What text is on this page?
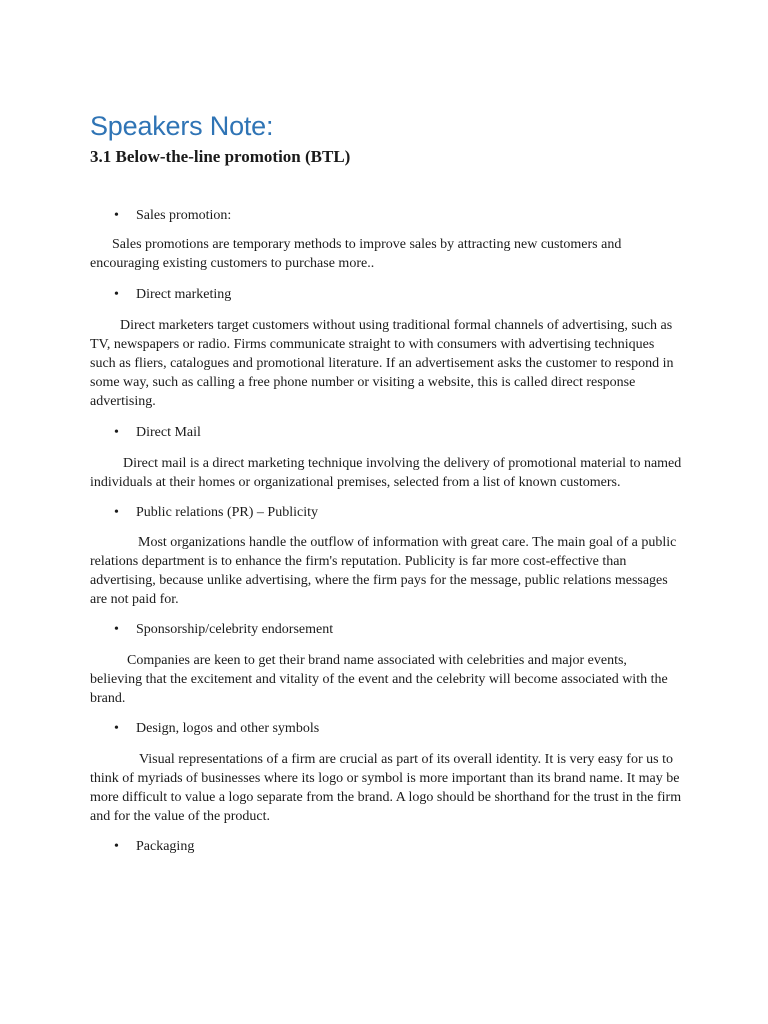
Speakers Note:
3.1 Below-the-line promotion (BTL)
• Sales promotion:

Sales promotions are temporary methods to improve sales by attracting new customers and encouraging existing customers to purchase more..

• Direct marketing

Direct marketers target customers without using traditional formal channels of advertising, such as TV, newspapers or radio. Firms communicate straight to with consumers with advertising techniques such as fliers, catalogues and promotional literature. If an advertisement asks the customer to respond in some way, such as calling a free phone number or visiting a website, this is called direct response advertising.

• Direct Mail

Direct mail is a direct marketing technique involving the delivery of promotional material to named individuals at their homes or organizational premises, selected from a list of known customers.

• Public relations (PR) – Publicity

Most organizations handle the outflow of information with great care. The main goal of a public relations department is to enhance the firm's reputation. Publicity is far more cost-effective than advertising, because unlike advertising, where the firm pays for the message, public relations messages are not paid for.

• Sponsorship/celebrity endorsement

Companies are keen to get their brand name associated with celebrities and major events, believing that the excitement and vitality of the event and the celebrity will become associated with the brand.

• Design, logos and other symbols

Visual representations of a firm are crucial as part of its overall identity. It is very easy for us to think of myriads of businesses where its logo or symbol is more important than its brand name. It may be more difficult to value a logo separate from the brand. A logo should be shorthand for the trust in the firm and for the value of the product.

• Packaging
